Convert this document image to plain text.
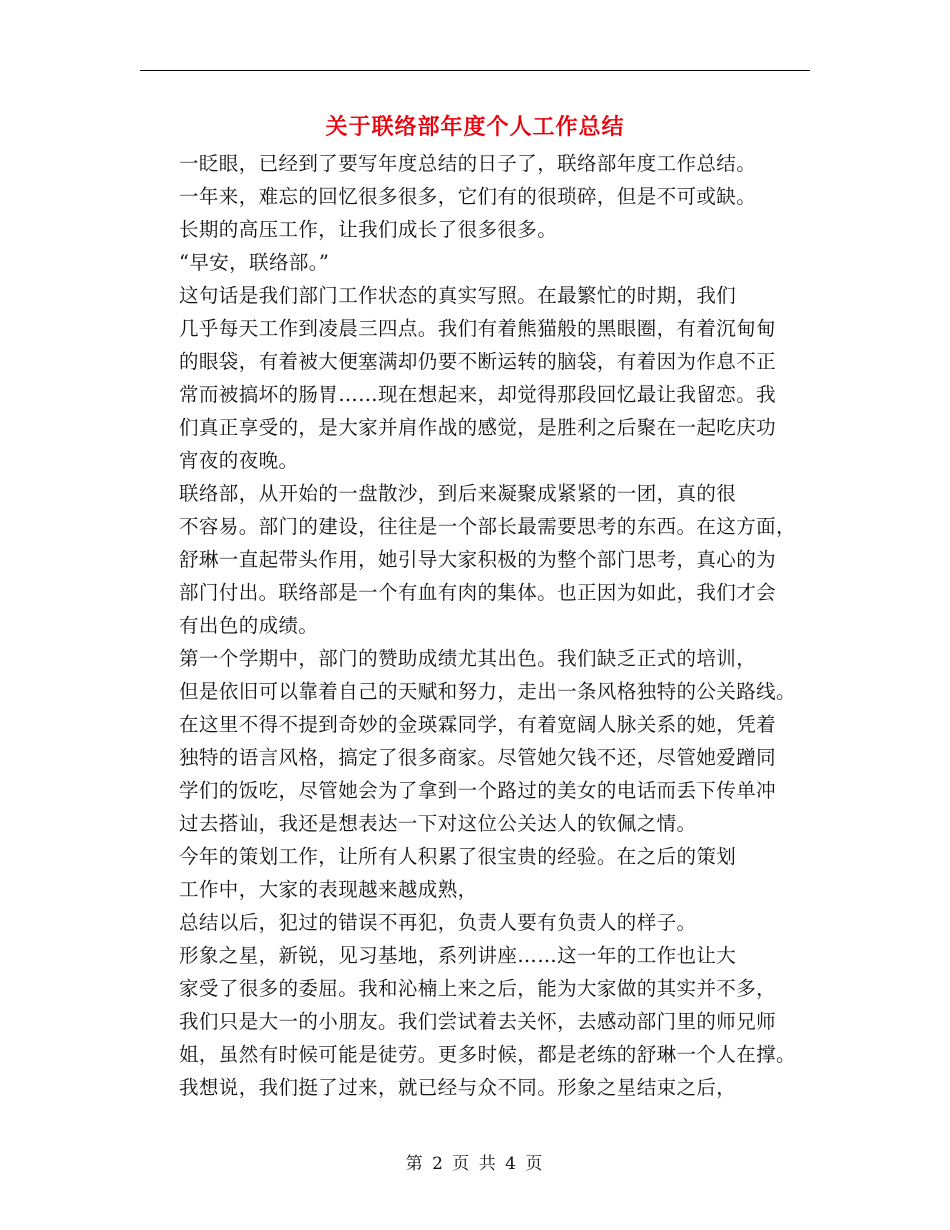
关于联络部年度个人工作总结

一眨眼，已经到了要写年度总结的日子了，联络部年度工作总结。

一年来，难忘的回忆很多很多，它们有的很琐碎，但是不可或缺。

长期的高压工作，让我们成长了很多很多。

“早安，联络部。”

这句话是我们部门工作状态的真实写照。在最繁忙的时期，我们
几乎每天工作到凌晨三四点。我们有着熊猫般的黑眼圈，有着沉甸甸
的眼袋，有着被大便塞满却仍要不断运转的脑袋，有着因为作息不正
常而被搞坏的肠胃……现在想起来，却觉得那段回忆最让我留恋。我
们真正享受的，是大家并肩作战的感觉，是胜利之后聚在一起吃庆功
宵夜的夜晚。

联络部，从开始的一盘散沙，到后来凝聚成紧紧的一团，真的很
不容易。部门的建设，往往是一个部长最需要思考的东西。在这方面，
舒琳一直起带头作用，她引导大家积极的为整个部门思考，真心的为
部门付出。联络部是一个有血有肉的集体。也正因为如此，我们才会
有出色的成绩。

第一个学期中，部门的赞助成绩尤其出色。我们缺乏正式的培训，
但是依旧可以靠着自己的天赋和努力，走出一条风格独特的公关路线。
在这里不得不提到奇妙的金瑛霖同学，有着宽阔人脉关系的她，凭着
独特的语言风格，搞定了很多商家。尽管她欠钱不还，尽管她爱蹭同
学们的饭吃，尽管她会为了拿到一个路过的美女的电话而丢下传单冲
过去搭讪，我还是想表达一下对这位公关达人的钦佩之情。

今年的策划工作，让所有人积累了很宝贵的经验。在之后的策划
工作中，大家的表现越来越成熟，

总结以后，犯过的错误不再犯，负责人要有负责人的样子。

形象之星，新锐，见习基地，系列讲座……这一年的工作也让大
家受了很多的委屈。我和沁楠上来之后，能为大家做的其实并不多，
我们只是大一的小朋友。我们尝试着去关怀，去感动部门里的师兄师
姐，虽然有时候可能是徒劳。更多时候，都是老练的舒琳一个人在撑。

我想说，我们挺了过来，就已经与众不同。形象之星结束之后，

第 2 页 共 4 页
